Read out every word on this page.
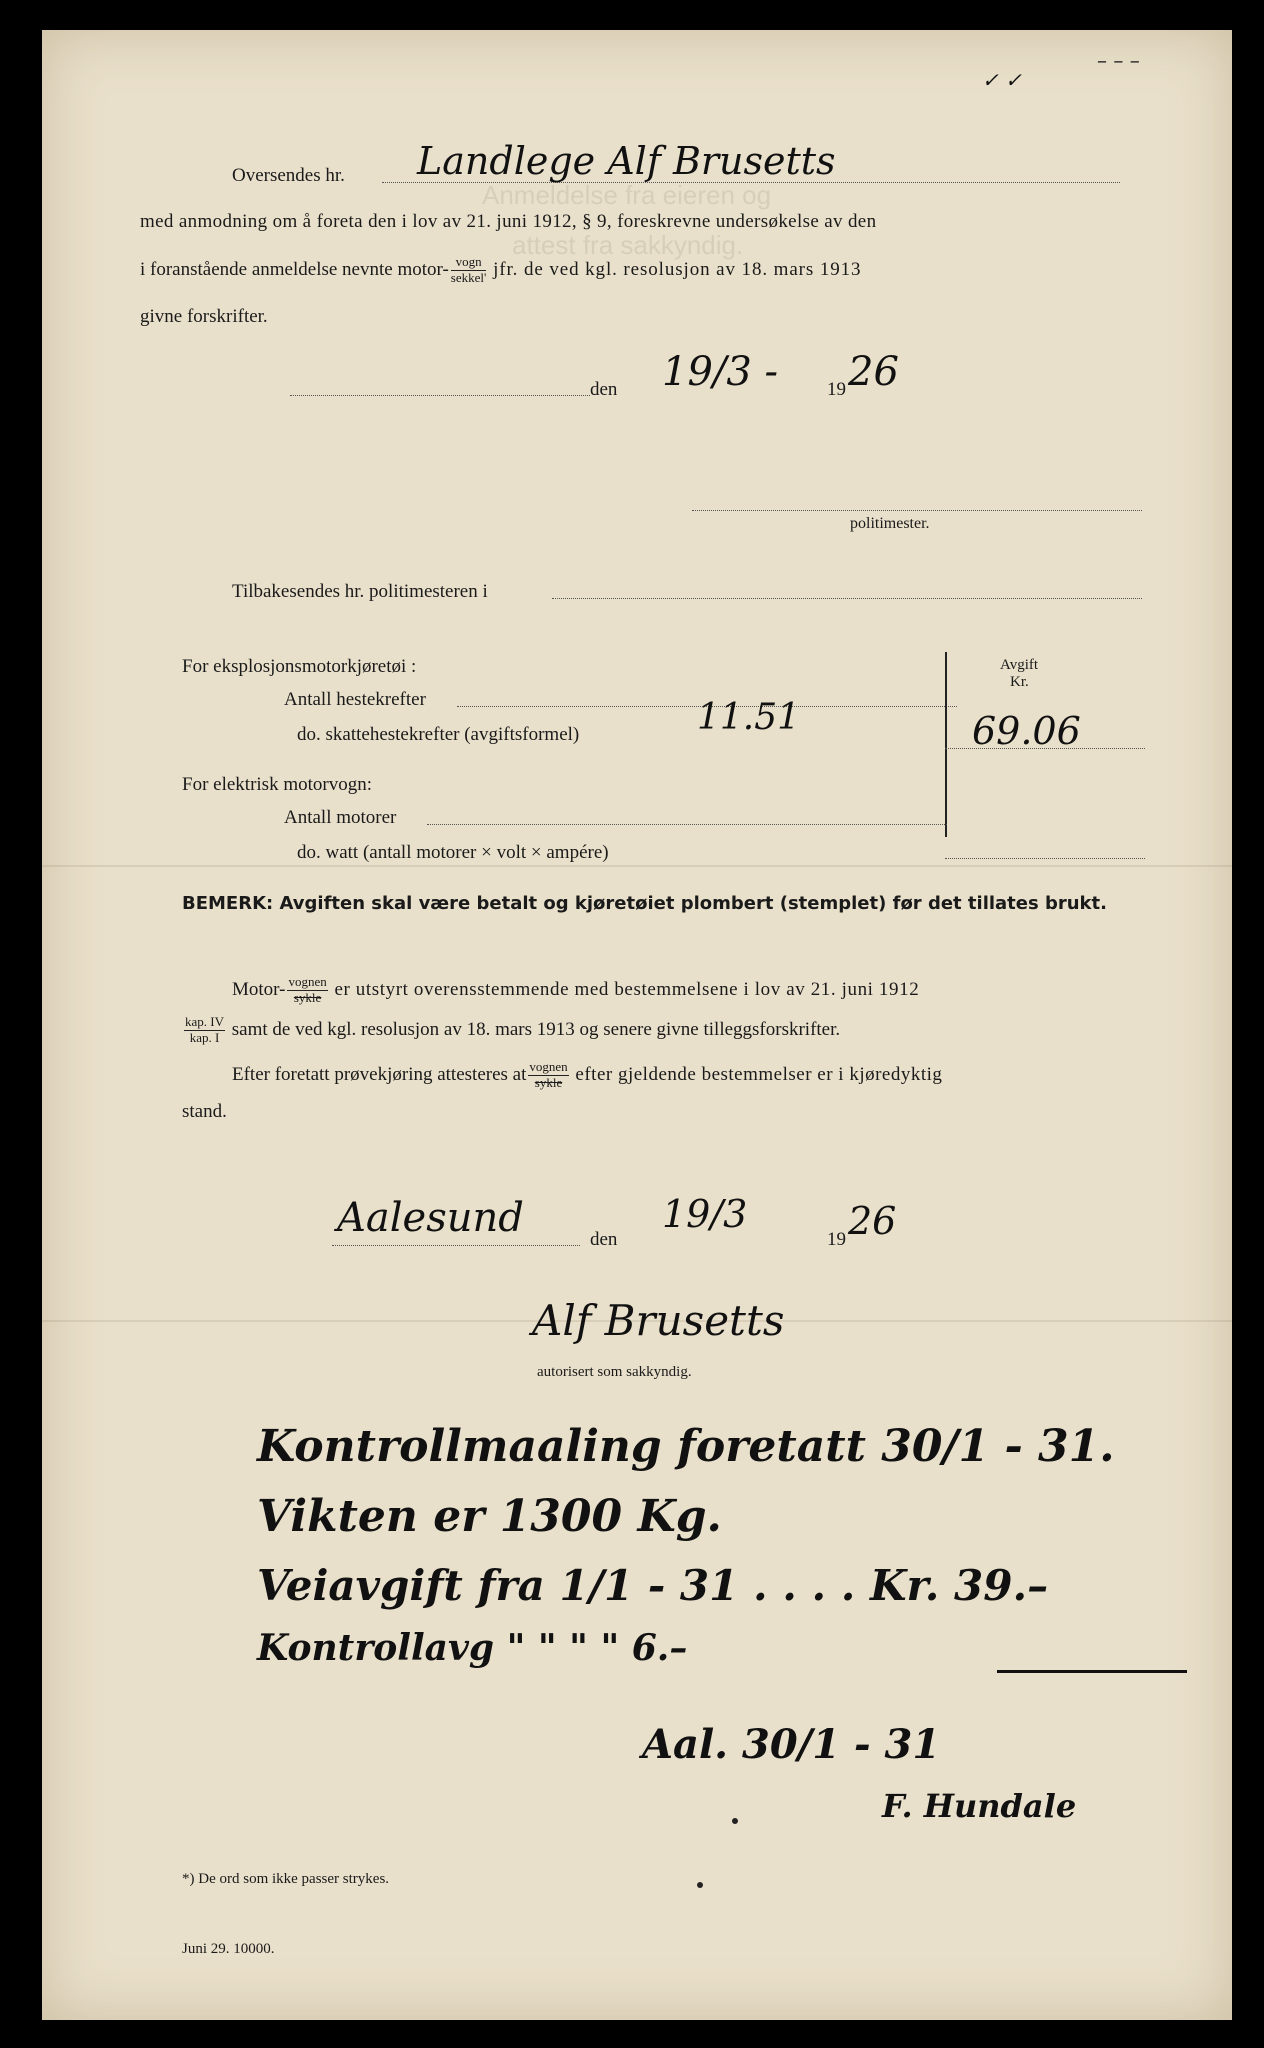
Anmeldelse fra eieren og
attest fra sakkyndig.
✓ ✓
– – –
Oversendes hr. Landlege Alf Brusetts
med anmodning om å foreta den i lov av 21. juni 1912, § 9, foreskrevne undersøkelse av den
i foranstående anmeldelse nevnte motor- $\frac{\text{vogn}}{\text{sekkel'}}$ jfr. de ved kgl. resolusjon av 18. mars 1913
givne forskrifter.
den 19/3 -	19 26
politimester.
Tilbakesendes hr. politimesteren i
For eksplosjonsmotorkjøretøi :
Antall hestekrefter
do. skattehestekrefter (avgiftsformel)	11.51
Avgift
Kr.
69.06
For elektrisk motorvogn:
Antall motorer
do. watt (antall motorer × volt × ampére)
BEMERK: Avgiften skal være betalt og kjøretøiet plombert (stemplet) før det tillates brukt.
Motor- $\frac{\text{vognen}}{\text{sykle}}$ er utstyrt overensstemmende med bestemmelsene i lov av 21. juni 1912
$\frac{\text{kap. IV}}{\text{kap. I}}$ samt de ved kgl. resolusjon av 18. mars 1913 og senere givne tilleggsforskrifter.
Efter foretatt prøvekjøring attesteres at $\frac{\text{vognen}}{\text{sykle}}$ efter gjeldende bestemmelser er i kjøredyktig
stand.
Aalesund	den
19/3
19 26
Alf Brusetts
autorisert som sakkyndig.
Kontrollmaaling foretatt 30/1 - 31.
Vikten er 1300 Kg.
Veiavgift fra 1/1 - 31 . . . . Kr. 39.–
Kontrollavg " " " " 6.–
Aal. 30/1 - 31
F. Hundale
*) De ord som ikke passer strykes.
Juni 29. 10000.
